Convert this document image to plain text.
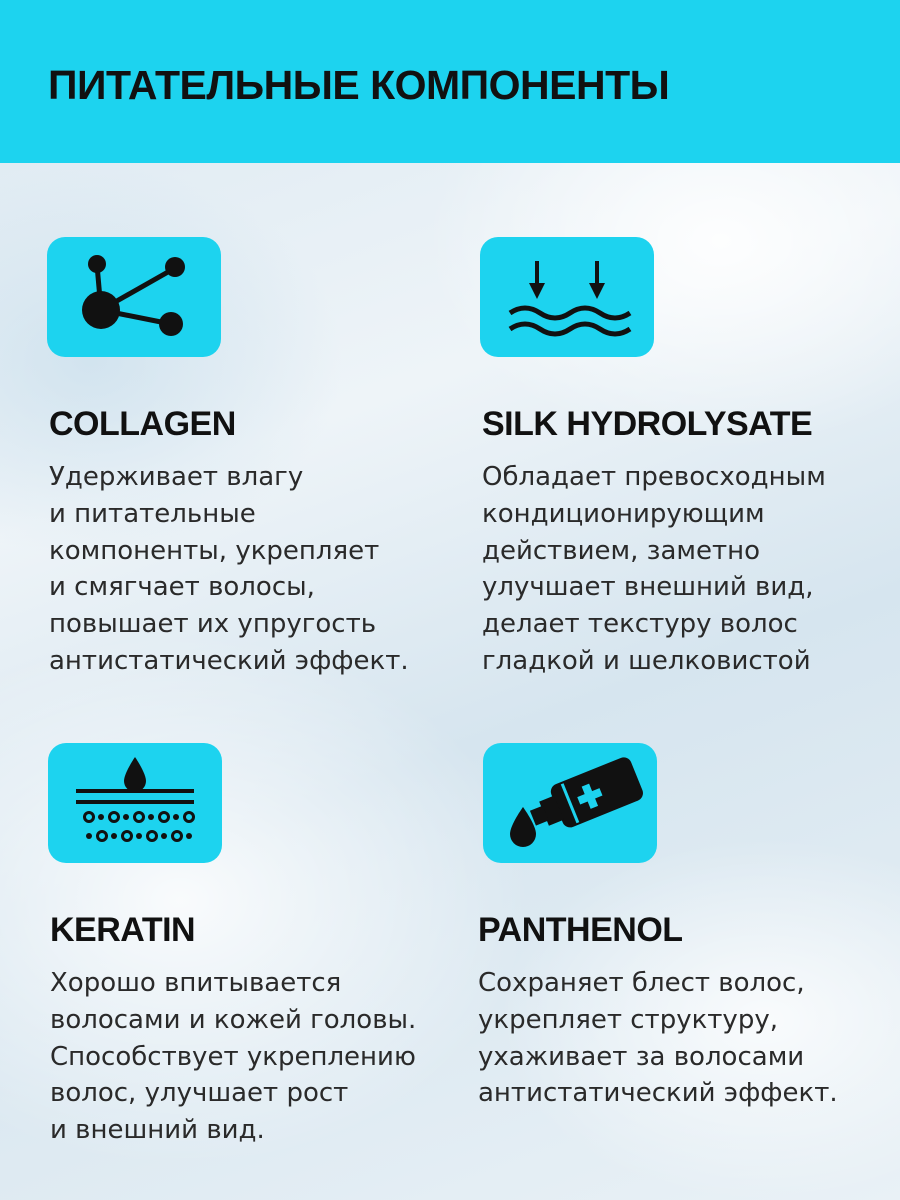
ПИТАТЕЛЬНЫЕ КОМПОНЕНТЫ
COLLAGEN
Удерживает влагу
и питательные
компоненты, укрепляет
и смягчает волосы,
повышает их упругость
антистатический эффект.
SILK HYDROLYSATE
Обладает превосходным
кондиционирующим
действием, заметно
улучшает внешний вид,
делает текстуру волос
гладкой и шелковистой
KERATIN
Хорошо впитывается
волосами и кожей головы.
Способствует укреплению
волос, улучшает рост
и внешний вид.
PANTHENOL
Сохраняет блест волос,
укрепляет структуру,
ухаживает за волосами
антистатический эффект.
